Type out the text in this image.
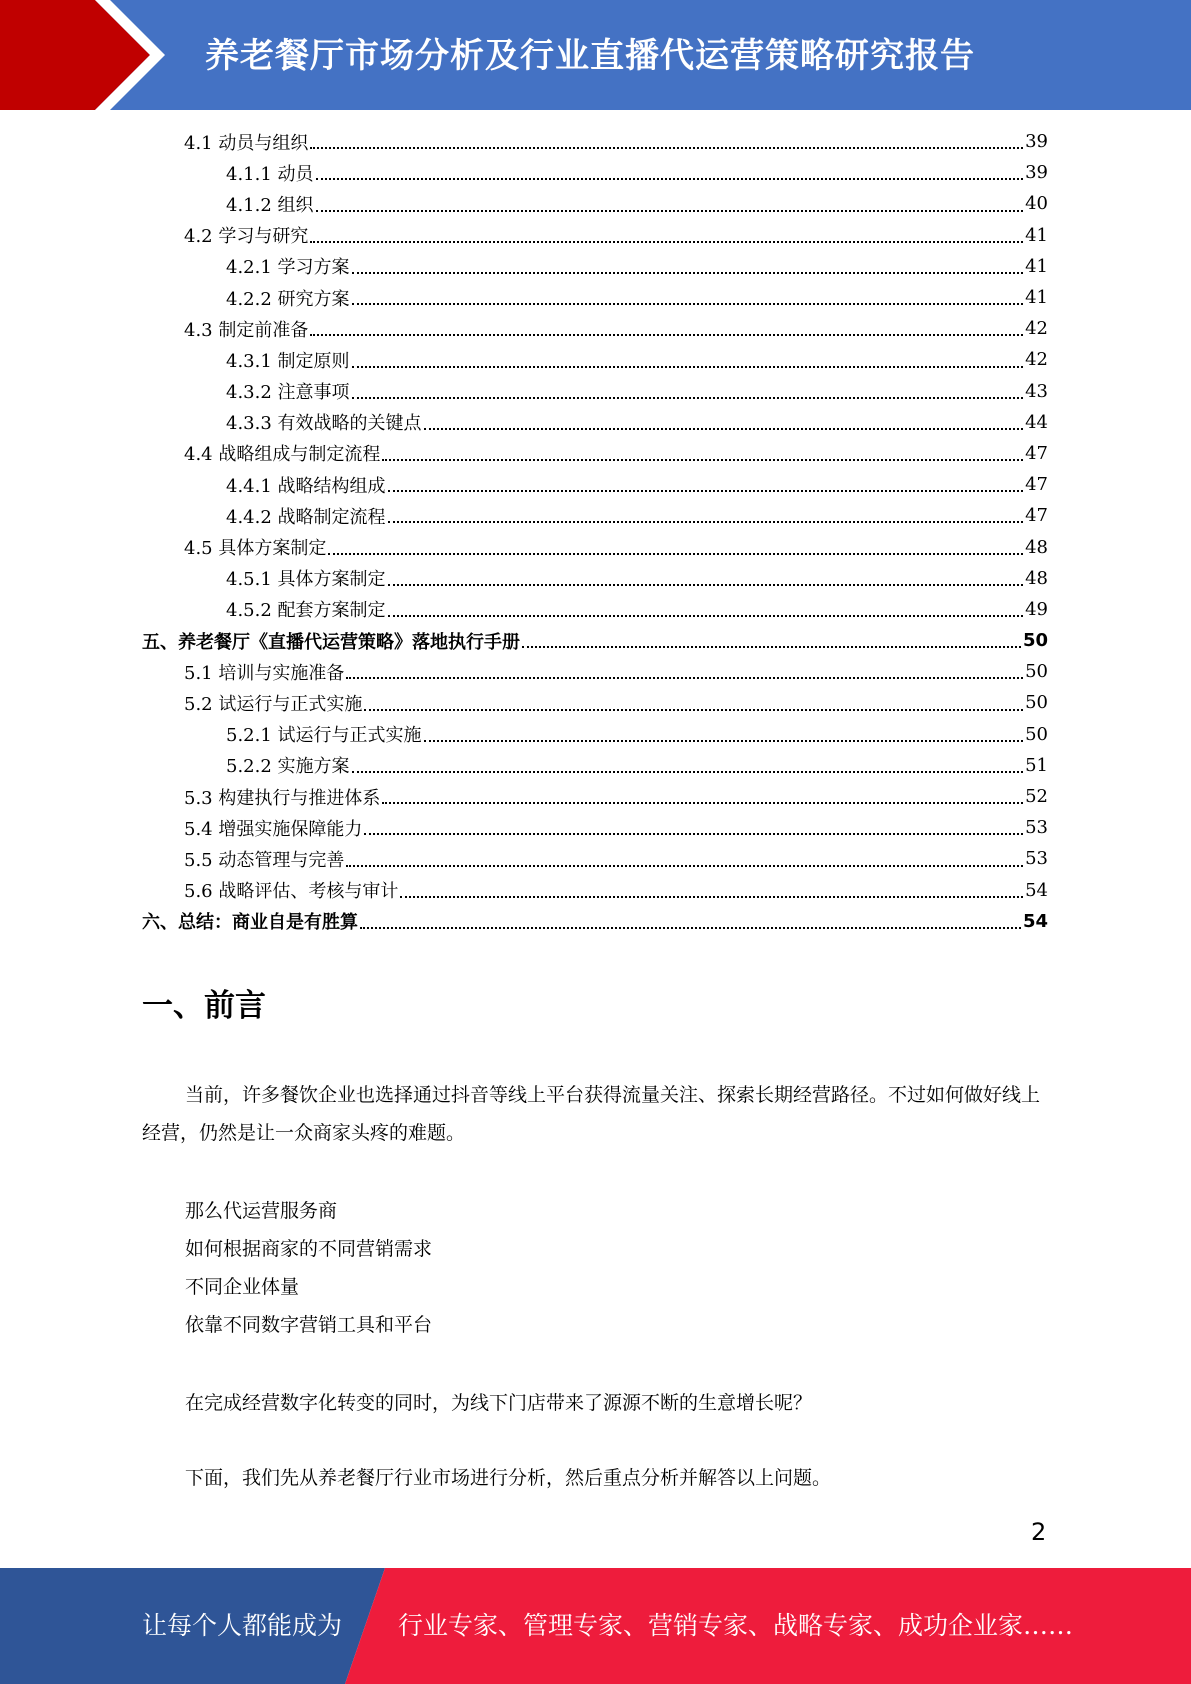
养老餐厅市场分析及行业直播代运营策略研究报告
4.1 动员与组织	39
4.1.1 动员	39
4.1.2 组织	40
4.2 学习与研究	41
4.2.1 学习方案	41
4.2.2 研究方案	41
4.3 制定前准备	42
4.3.1 制定原则	42
4.3.2 注意事项	43
4.3.3 有效战略的关键点	44
4.4 战略组成与制定流程	47
4.4.1 战略结构组成	47
4.4.2 战略制定流程	47
4.5 具体方案制定	48
4.5.1 具体方案制定	48
4.5.2 配套方案制定	49
五、养老餐厅《直播代运营策略》落地执行手册	50
5.1 培训与实施准备	50
5.2 试运行与正式实施	50
5.2.1 试运行与正式实施	50
5.2.2 实施方案	51
5.3 构建执行与推进体系	52
5.4 增强实施保障能力	53
5.5 动态管理与完善	53
5.6 战略评估、考核与审计	54
六、总结：商业自是有胜算	54
一、前言
当前，许多餐饮企业也选择通过抖音等线上平台获得流量关注、探索长期经营路径。不过如何做好线上经营，仍然是让一众商家头疼的难题。
那么代运营服务商
如何根据商家的不同营销需求
不同企业体量
依靠不同数字营销工具和平台
在完成经营数字化转变的同时，为线下门店带来了源源不断的生意增长呢？
下面，我们先从养老餐厅行业市场进行分析，然后重点分析并解答以上问题。
2
让每个人都能成为 行业专家、管理专家、营销专家、战略专家、成功企业家……
